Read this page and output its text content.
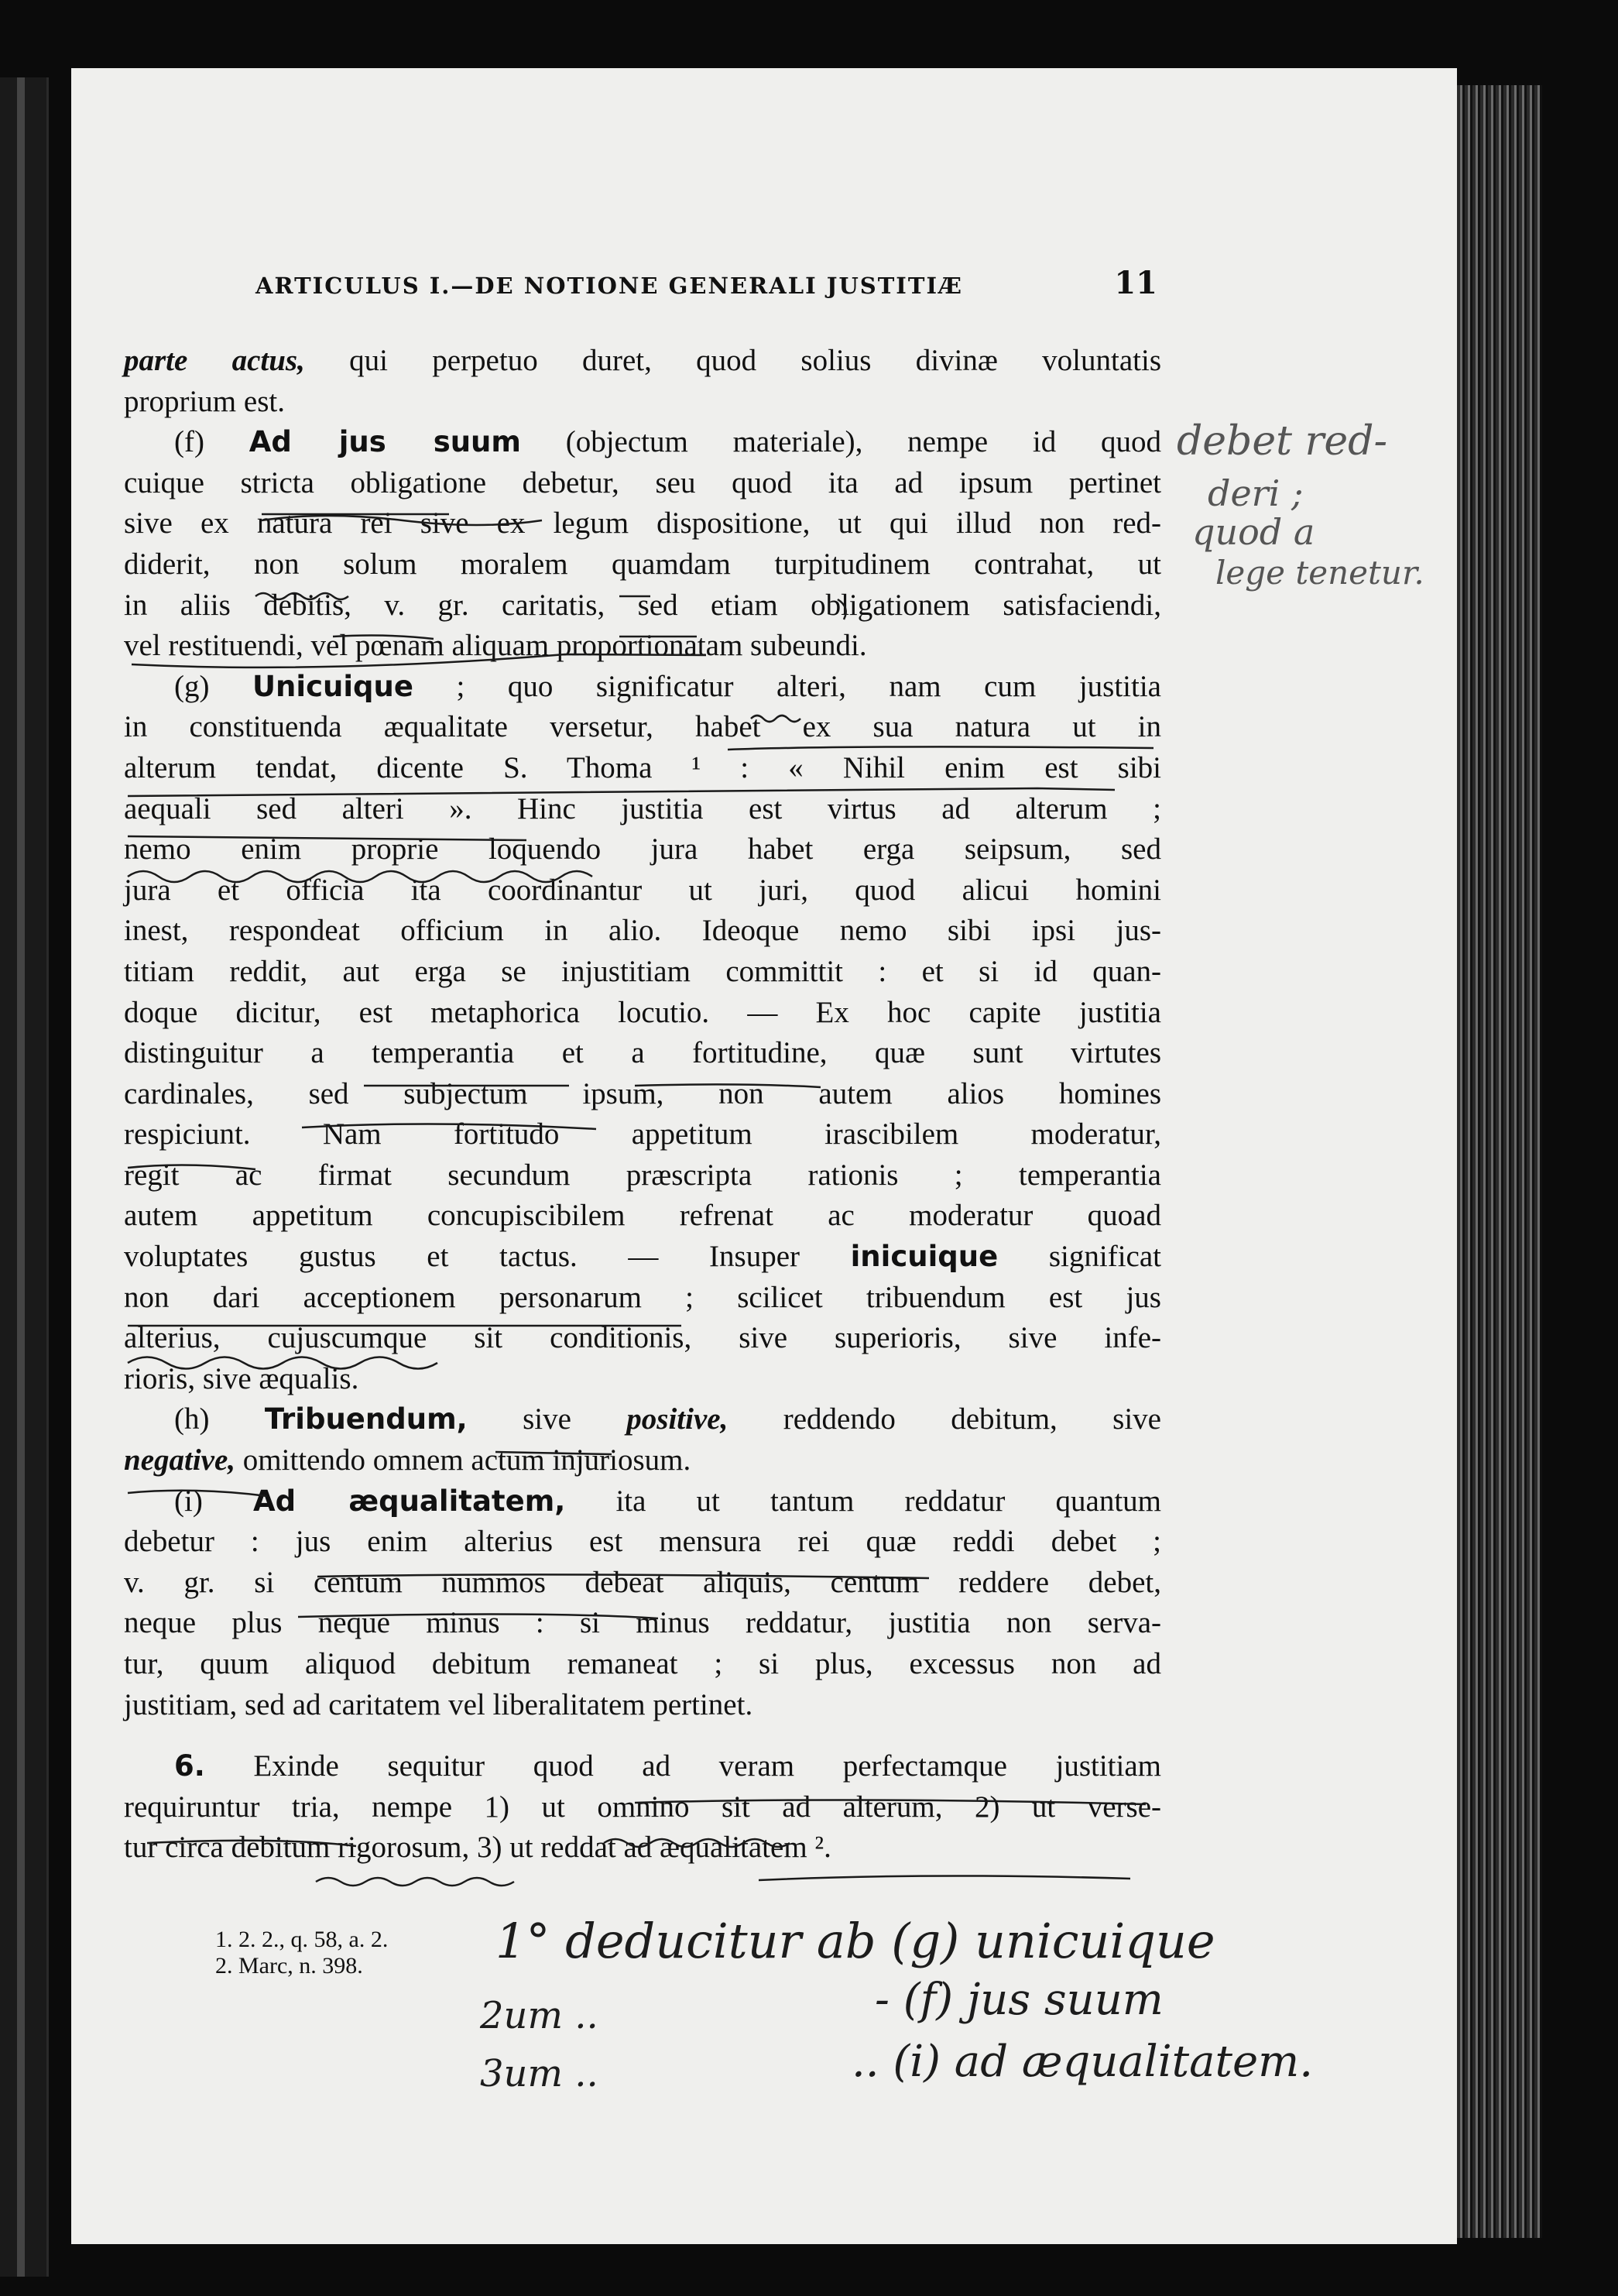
ARTICULUS I.—DE NOTIONE GENERALI JUSTITIÆ	11
parte actus, qui perpetuo duret, quod solius divinæ voluntatis
proprium est.
(f) Ad jus suum (objectum materiale), nempe id quod
cuique stricta obligatione debetur, seu quod ita ad ipsum pertinet
sive ex natura rei sive ex legum dispositione, ut qui illud non red-
diderit, non solum moralem quamdam turpitudinem contrahat, ut
in aliis debitis, v. gr. caritatis, sed etiam obligationem satisfaciendi,
vel restituendi, vel pœnam aliquam proportionatam subeundi.
(g) Unicuique ; quo significatur alteri, nam cum justitia
in constituenda æqualitate versetur, habet ex sua natura ut in
alterum tendat, dicente S. Thoma ¹ : « Nihil enim est sibi
aequali sed alteri ». Hinc justitia est virtus ad alterum ;
nemo enim proprie loquendo jura habet erga seipsum, sed
jura et officia ita coordinantur ut juri, quod alicui homini
inest, respondeat officium in alio. Ideoque nemo sibi ipsi jus-
titiam reddit, aut erga se injustitiam committit : et si id quan-
doque dicitur, est metaphorica locutio. — Ex hoc capite justitia
distinguitur a temperantia et a fortitudine, quæ sunt virtutes
cardinales, sed subjectum ipsum, non autem alios homines
respiciunt. Nam fortitudo appetitum irascibilem moderatur,
regit ac firmat secundum præscripta rationis ; temperantia
autem appetitum concupiscibilem refrenat ac moderatur quoad
voluptates gustus et tactus. — Insuper inicuique significat
non dari acceptionem personarum ; scilicet tribuendum est jus
alterius, cujuscumque sit conditionis, sive superioris, sive infe-
rioris, sive æqualis.
(h) Tribuendum, sive positive, reddendo debitum, sive
negative, omittendo omnem actum injuriosum.
(i) Ad æqualitatem, ita ut tantum reddatur quantum
debetur : jus enim alterius est mensura rei quæ reddi debet ;
v. gr. si centum nummos debeat aliquis, centum reddere debet,
neque plus neque minus : si minus reddatur, justitia non serva-
tur, quum aliquod debitum remaneat ; si plus, excessus non ad
justitiam, sed ad caritatem vel liberalitatem pertinet.
6. Exinde sequitur quod ad veram perfectamque justitiam
requiruntur tria, nempe 1) ut omnino sit ad alterum, 2) ut verse-
tur circa debitum rigorosum, 3) ut reddat ad æqualitatem ².
1. 2. 2., q. 58, a. 2.
2. Marc, n. 398.
debet red-
deri ;
quod a
lege tenetur.
1° deducitur ab (g) unicuique
2um ..	- (f) jus suum
3um ..	.. (i) ad æqualitatem.
